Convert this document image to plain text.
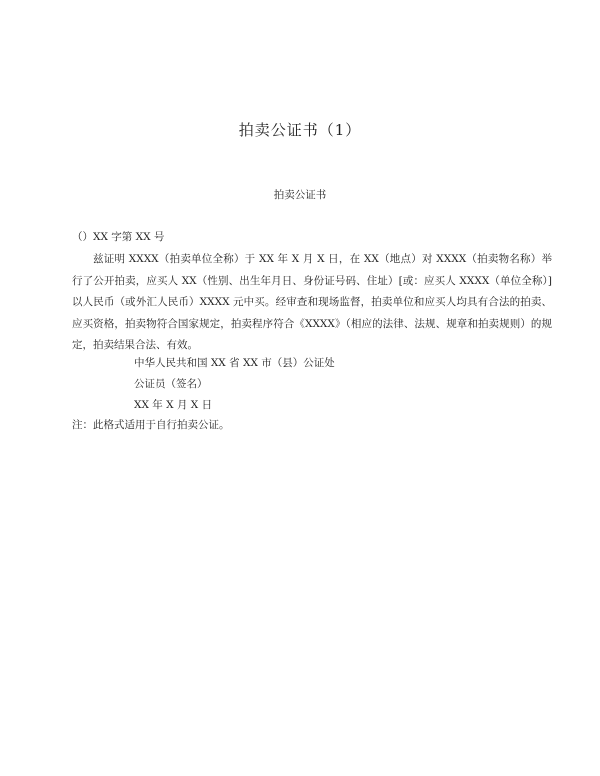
拍卖公证书（1）
拍卖公证书
（）XX 字第 XX 号
兹证明 XXXX（拍卖单位全称）于 XX 年 X 月 X 日，在 XX（地点）对 XXXX（拍卖物名称）举行了公开拍卖，应买人 XX（性别、出生年月日、身份证号码、住址）[或：应买人 XXXX（单位全称）]以人民币（或外汇人民币）XXXX 元中买。经审查和现场监督，拍卖单位和应买人均具有合法的拍卖、应买资格，拍卖物符合国家规定，拍卖程序符合《XXXX》（相应的法律、法规、规章和拍卖规则）的规定，拍卖结果合法、有效。
中华人民共和国 XX 省 XX 市（县）公证处
公证员（签名）
XX 年 X 月 X 日
注：此格式适用于自行拍卖公证。
